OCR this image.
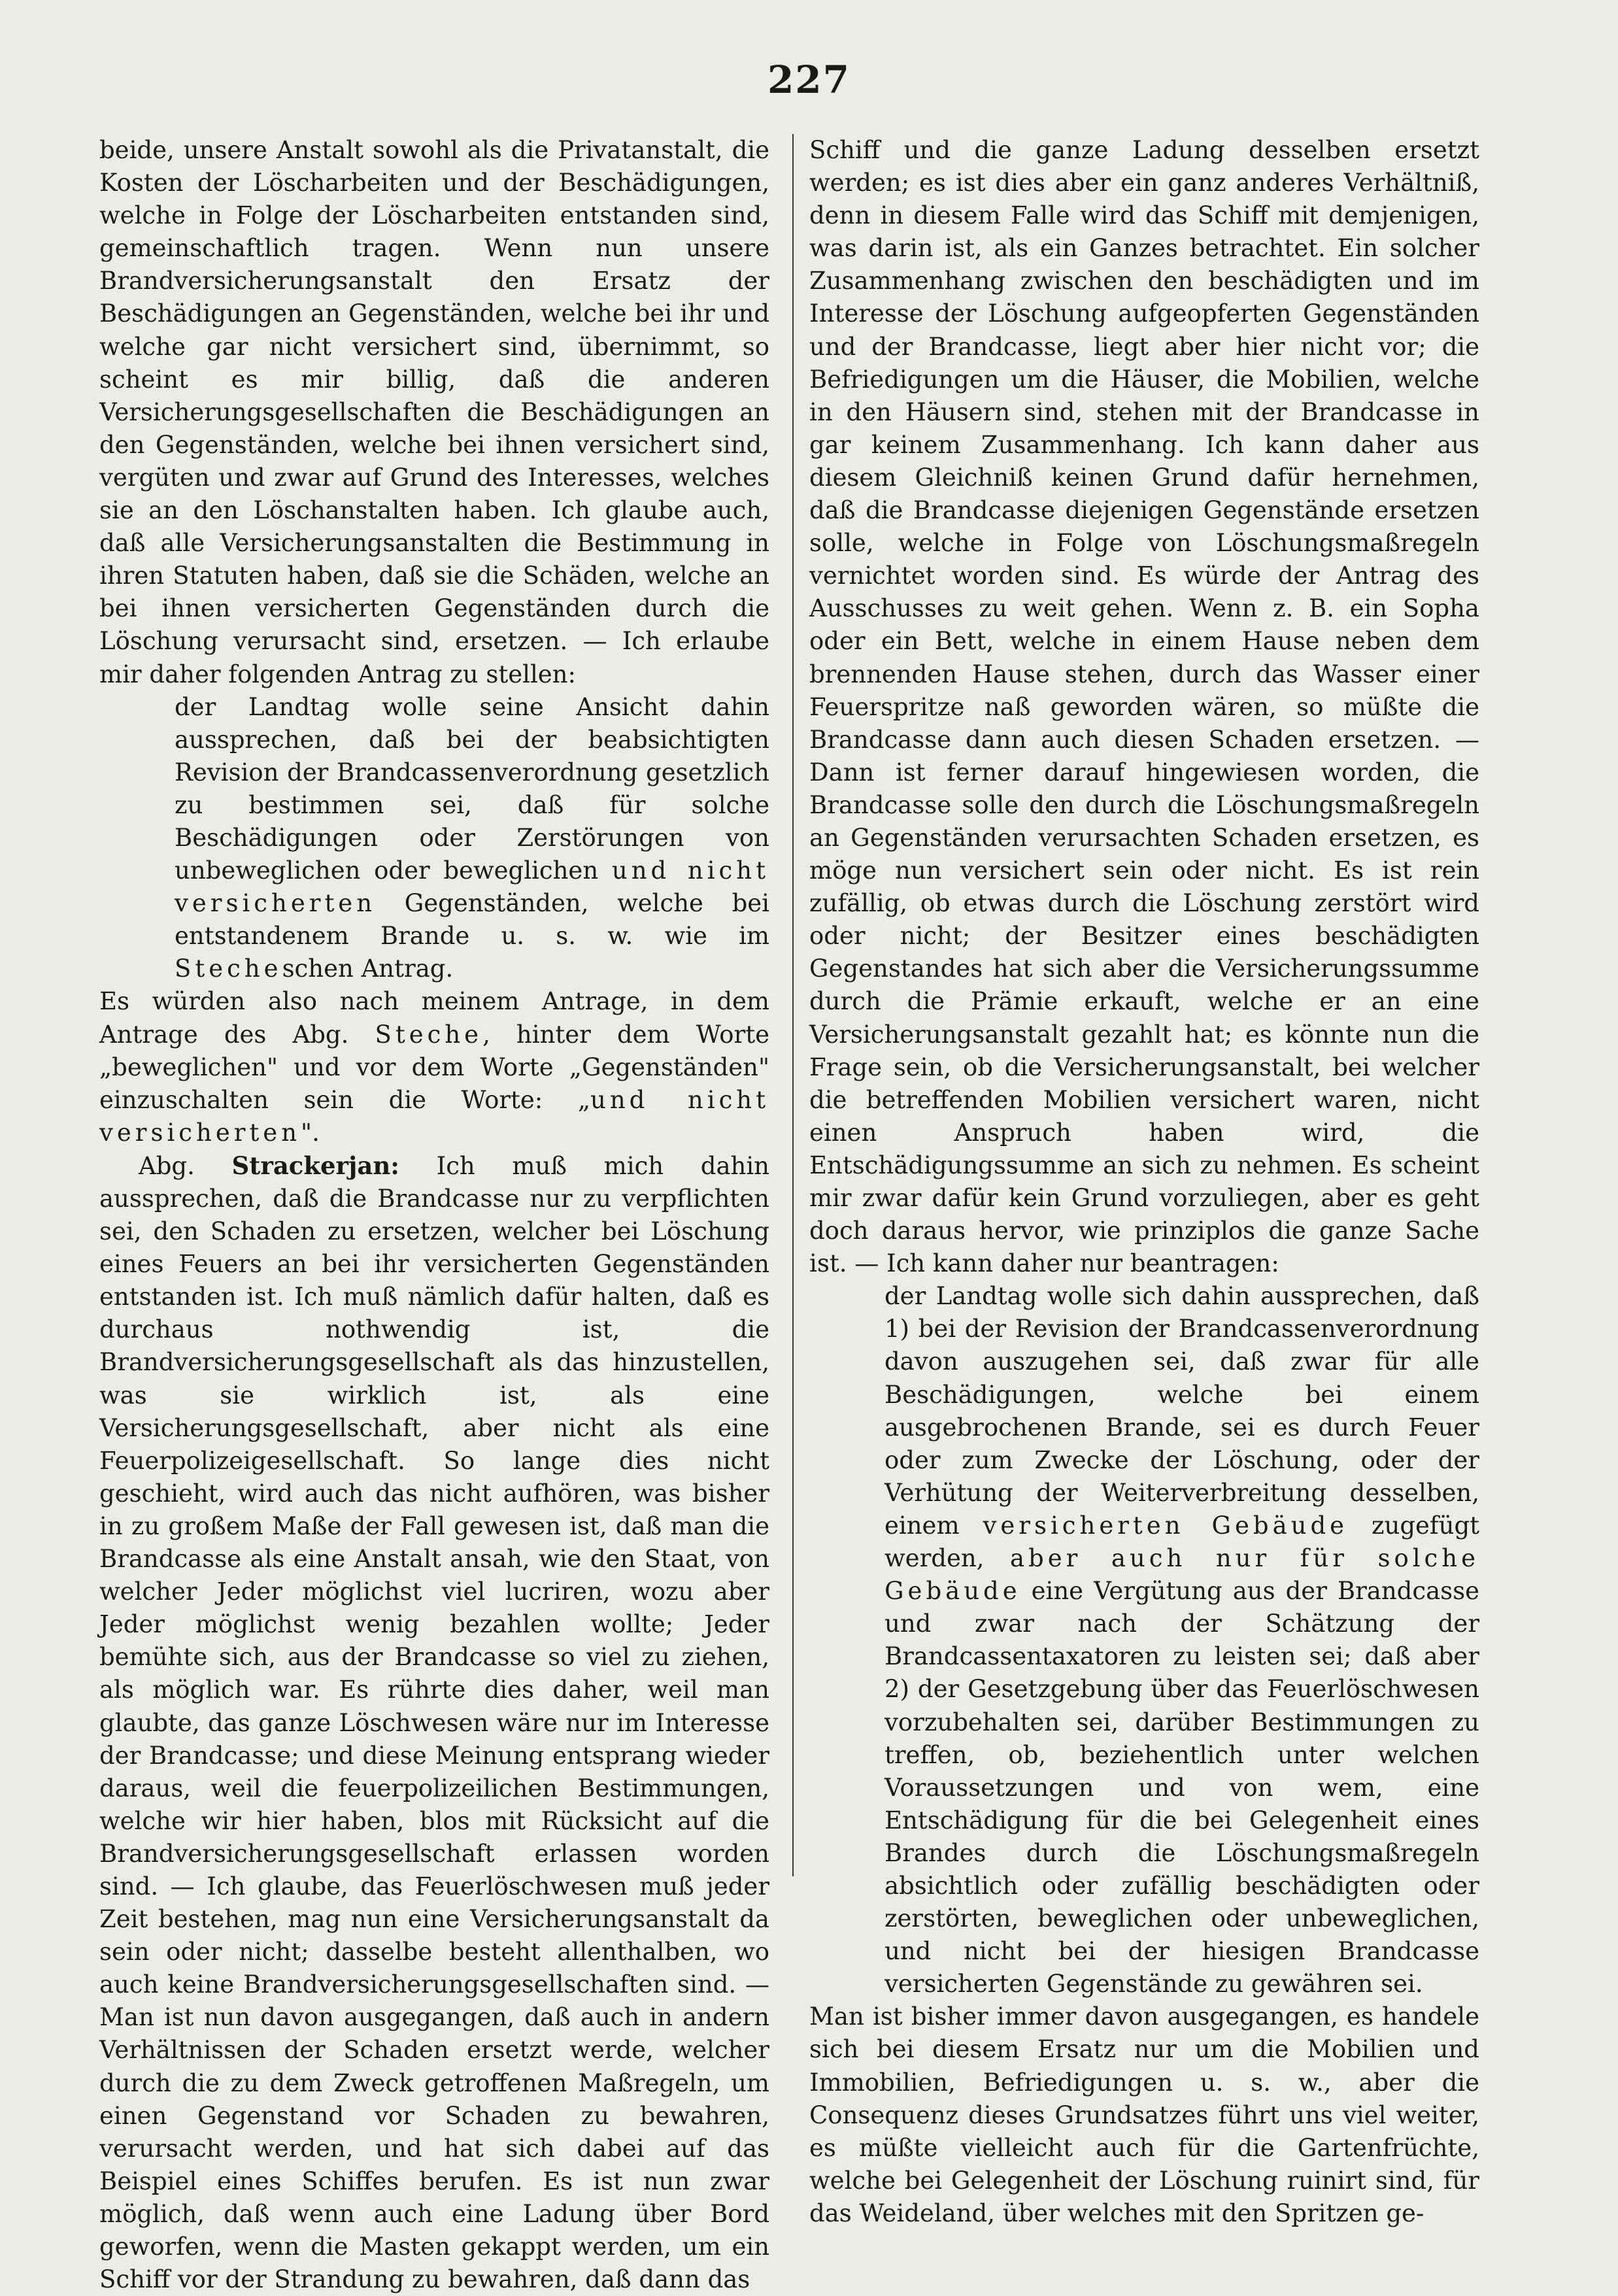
227

beide, unsere Anstalt sowohl als die Privatanstalt, die Kosten der Löscharbeiten und der Beschädigungen, welche in Folge der Löscharbeiten entstanden sind, gemeinschaftlich tragen. Wenn nun unsere Brandversicherungsanstalt den Ersatz der Beschädigungen an Gegenständen, welche bei ihr und welche gar nicht versichert sind, übernimmt, so scheint es mir billig, daß die anderen Versicherungsgesellschaften die Beschädigungen an den Gegenständen, welche bei ihnen versichert sind, vergüten und zwar auf Grund des Interesses, welches sie an den Löschanstalten haben. Ich glaube auch, daß alle Versicherungsanstalten die Bestimmung in ihren Statuten haben, daß sie die Schäden, welche an bei ihnen versicherten Gegenständen durch die Löschung verursacht sind, ersetzen. — Ich erlaube mir daher folgenden Antrag zu stellen:

der Landtag wolle seine Ansicht dahin aussprechen, daß bei der beabsichtigten Revision der Brandcassenverordnung gesetzlich zu bestimmen sei, daß für solche Beschädigungen oder Zerstörungen von unbeweglichen oder beweglichen und nicht versicherten Gegenständen, welche bei entstandenem Brande u. s. w. wie im Stecheschen Antrag.

Es würden also nach meinem Antrage, in dem Antrage des Abg. Steche, hinter dem Worte „beweglichen" und vor dem Worte „Gegenständen" einzuschalten sein die Worte: „und nicht versicherten".

Abg. Strackerjan: Ich muß mich dahin aussprechen, daß die Brandcasse nur zu verpflichten sei, den Schaden zu ersetzen, welcher bei Löschung eines Feuers an bei ihr versicherten Gegenständen entstanden ist. Ich muß nämlich dafür halten, daß es durchaus nothwendig ist, die Brandversicherungsgesellschaft als das hinzustellen, was sie wirklich ist, als eine Versicherungsgesellschaft, aber nicht als eine Feuerpolizeigesellschaft. So lange dies nicht geschieht, wird auch das nicht aufhören, was bisher in zu großem Maße der Fall gewesen ist, daß man die Brandcasse als eine Anstalt ansah, wie den Staat, von welcher Jeder möglichst viel lucriren, wozu aber Jeder möglichst wenig bezahlen wollte; Jeder bemühte sich, aus der Brandcasse so viel zu ziehen, als möglich war. Es rührte dies daher, weil man glaubte, das ganze Löschwesen wäre nur im Interesse der Brandcasse; und diese Meinung entsprang wieder daraus, weil die feuerpolizeilichen Bestimmungen, welche wir hier haben, blos mit Rücksicht auf die Brandversicherungsgesellschaft erlassen worden sind. — Ich glaube, das Feuerlöschwesen muß jeder Zeit bestehen, mag nun eine Versicherungsanstalt da sein oder nicht; dasselbe besteht allenthalben, wo auch keine Brandversicherungsgesellschaften sind. — Man ist nun davon ausgegangen, daß auch in andern Verhältnissen der Schaden ersetzt werde, welcher durch die zu dem Zweck getroffenen Maßregeln, um einen Gegenstand vor Schaden zu bewahren, verursacht werden, und hat sich dabei auf das Beispiel eines Schiffes berufen. Es ist nun zwar möglich, daß wenn auch eine Ladung über Bord geworfen, wenn die Masten gekappt werden, um ein Schiff vor der Strandung zu bewahren, daß dann das

Schiff und die ganze Ladung desselben ersetzt werden; es ist dies aber ein ganz anderes Verhältniß, denn in diesem Falle wird das Schiff mit demjenigen, was darin ist, als ein Ganzes betrachtet. Ein solcher Zusammenhang zwischen den beschädigten und im Interesse der Löschung aufgeopferten Gegenständen und der Brandcasse, liegt aber hier nicht vor; die Befriedigungen um die Häuser, die Mobilien, welche in den Häusern sind, stehen mit der Brandcasse in gar keinem Zusammenhang. Ich kann daher aus diesem Gleichniß keinen Grund dafür hernehmen, daß die Brandcasse diejenigen Gegenstände ersetzen solle, welche in Folge von Löschungsmaßregeln vernichtet worden sind. Es würde der Antrag des Ausschusses zu weit gehen. Wenn z. B. ein Sopha oder ein Bett, welche in einem Hause neben dem brennenden Hause stehen, durch das Wasser einer Feuerspritze naß geworden wären, so müßte die Brandcasse dann auch diesen Schaden ersetzen. — Dann ist ferner darauf hingewiesen worden, die Brandcasse solle den durch die Löschungsmaßregeln an Gegenständen verursachten Schaden ersetzen, es möge nun versichert sein oder nicht. Es ist rein zufällig, ob etwas durch die Löschung zerstört wird oder nicht; der Besitzer eines beschädigten Gegenstandes hat sich aber die Versicherungssumme durch die Prämie erkauft, welche er an eine Versicherungsanstalt gezahlt hat; es könnte nun die Frage sein, ob die Versicherungsanstalt, bei welcher die betreffenden Mobilien versichert waren, nicht einen Anspruch haben wird, die Entschädigungssumme an sich zu nehmen. Es scheint mir zwar dafür kein Grund vorzuliegen, aber es geht doch daraus hervor, wie prinziplos die ganze Sache ist. — Ich kann daher nur beantragen:

der Landtag wolle sich dahin aussprechen, daß 1) bei der Revision der Brandcassenverordnung davon auszugehen sei, daß zwar für alle Beschädigungen, welche bei einem ausgebrochenen Brande, sei es durch Feuer oder zum Zwecke der Löschung, oder der Verhütung der Weiterverbreitung desselben, einem versicherten Gebäude zugefügt werden, aber auch nur für solche Gebäude eine Vergütung aus der Brandcasse und zwar nach der Schätzung der Brandcassentaxatoren zu leisten sei; daß aber 2) der Gesetzgebung über das Feuerlöschwesen vorzubehalten sei, darüber Bestimmungen zu treffen, ob, beziehentlich unter welchen Voraussetzungen und von wem, eine Entschädigung für die bei Gelegenheit eines Brandes durch die Löschungsmaßregeln absichtlich oder zufällig beschädigten oder zerstörten, beweglichen oder unbeweglichen, und nicht bei der hiesigen Brandcasse versicherten Gegenstände zu gewähren sei.

Man ist bisher immer davon ausgegangen, es handele sich bei diesem Ersatz nur um die Mobilien und Immobilien, Befriedigungen u. s. w., aber die Consequenz dieses Grundsatzes führt uns viel weiter, es müßte vielleicht auch für die Gartenfrüchte, welche bei Gelegenheit der Löschung ruinirt sind, für das Weideland, über welches mit den Spritzen ge-
